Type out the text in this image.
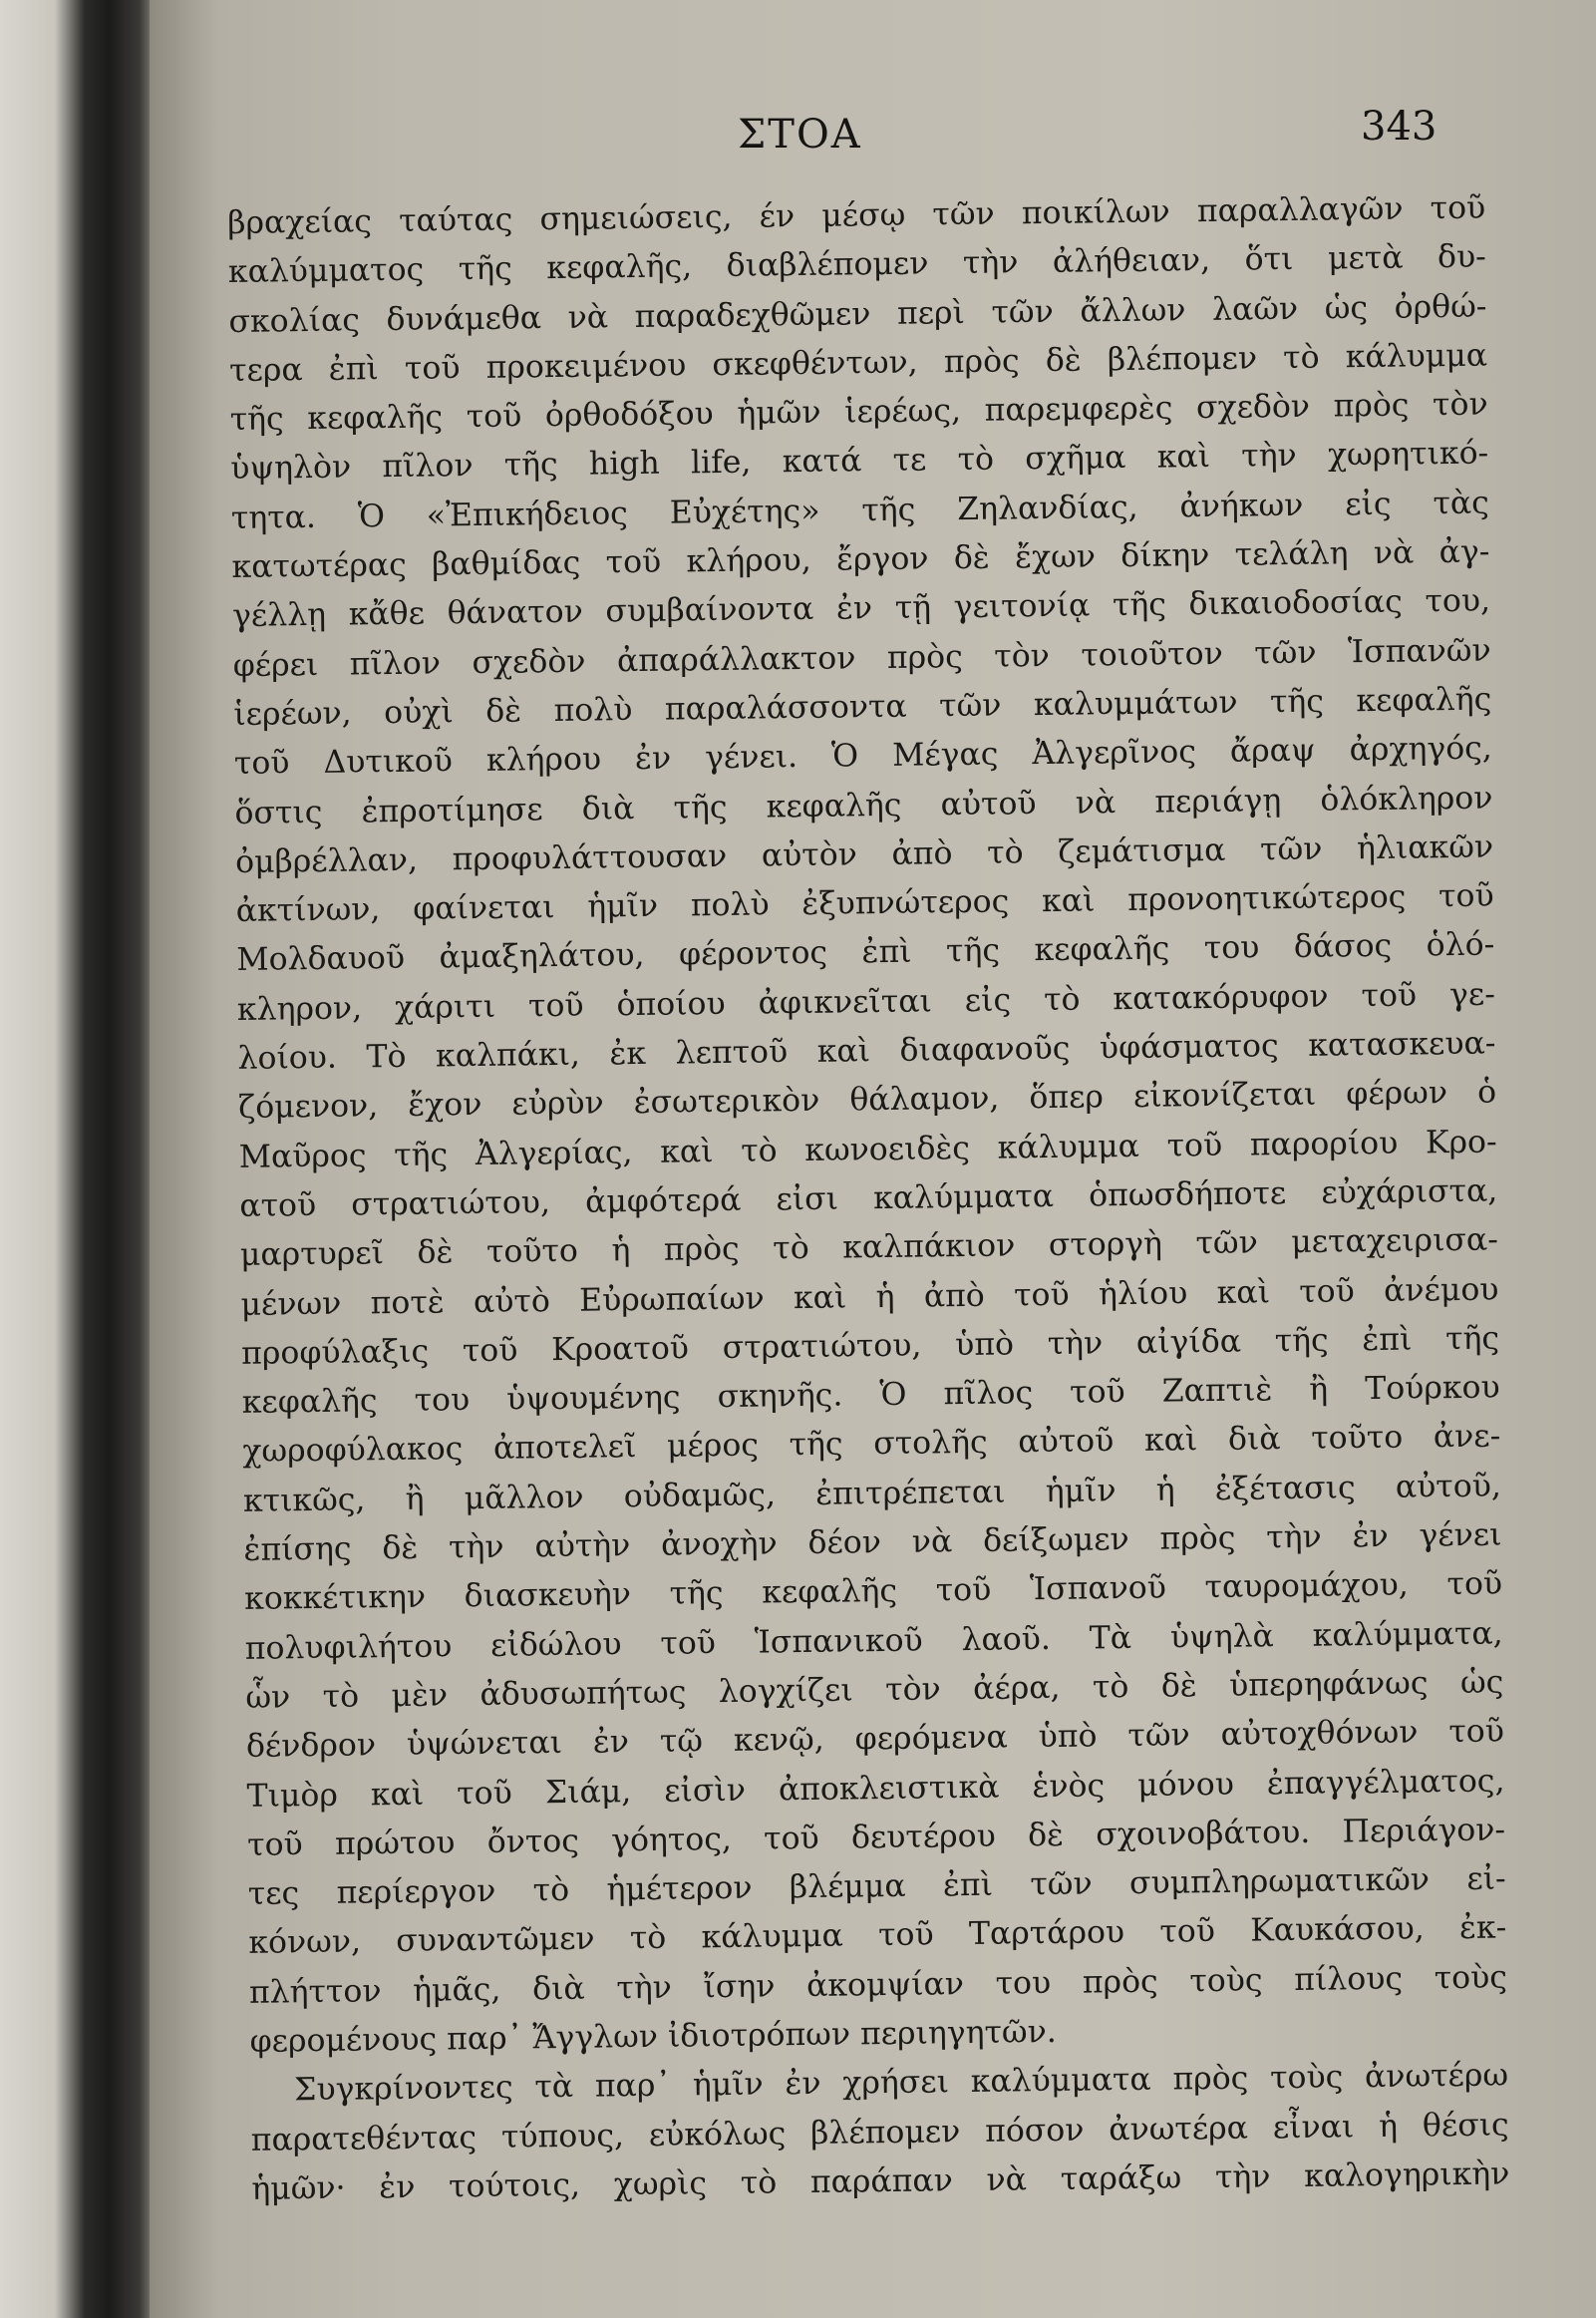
ΣΤΟΑ	343
βραχείας ταύτας σημειώσεις, έν μέσῳ τῶν ποικίλων παραλλαγῶν τοῦ
καλύμματος τῆς κεφαλῆς, διαβλέπομεν τὴν ἀλήθειαν, ὅτι μετὰ δυ-
σκολίας δυνάμεθα νὰ παραδεχθῶμεν περὶ τῶν ἄλλων λαῶν ὡς ὀρθώ-
τερα ἐπὶ τοῦ προκειμένου σκεφθέντων, πρὸς δὲ βλέπομεν τὸ κάλυμμα
τῆς κεφαλῆς τοῦ ὀρθοδόξου ἡμῶν ἱερέως, παρεμφερὲς σχεδὸν πρὸς τὸν
ὑψηλὸν πῖλον τῆς high life, κατά τε τὸ σχῆμα καὶ τὴν χωρητικό-
τητα. Ὁ «Ἐπικήδειος Εὐχέτης» τῆς Ζηλανδίας, ἀνήκων εἰς τὰς
κατωτέρας βαθμίδας τοῦ κλήρου, ἔργον δὲ ἔχων δίκην τελάλη νὰ ἀγ-
γέλλῃ κἄθε θάνατον συμβαίνοντα ἐν τῇ γειτονίᾳ τῆς δικαιοδοσίας του,
φέρει πῖλον σχεδὸν ἀπαράλλακτον πρὸς τὸν τοιοῦτον τῶν Ἱσπανῶν
ἱερέων, οὐχὶ δὲ πολὺ παραλάσσοντα τῶν καλυμμάτων τῆς κεφαλῆς
τοῦ Δυτικοῦ κλήρου ἐν γένει. Ὁ Μέγας Ἀλγερῖνος ἄραψ ἀρχηγός,
ὅστις ἐπροτίμησε διὰ τῆς κεφαλῆς αὐτοῦ νὰ περιάγῃ ὁλόκληρον
ὀμβρέλλαν, προφυλάττουσαν αὐτὸν ἀπὸ τὸ ζεμάτισμα τῶν ἡλιακῶν
ἀκτίνων, φαίνεται ἡμῖν πολὺ ἐξυπνώτερος καὶ προνοητικώτερος τοῦ
Μολδαυοῦ ἀμαξηλάτου, φέροντος ἐπὶ τῆς κεφαλῆς του δάσος ὁλό-
κληρον, χάριτι τοῦ ὁποίου ἀφικνεῖται εἰς τὸ κατακόρυφον τοῦ γε-
λοίου. Τὸ καλπάκι, ἐκ λεπτοῦ καὶ διαφανοῦς ὑφάσματος κατασκευα-
ζόμενον, ἔχον εὐρὺν ἐσωτερικὸν θάλαμον, ὅπερ εἰκονίζεται φέρων ὁ
Μαῦρος τῆς Ἀλγερίας, καὶ τὸ κωνοειδὲς κάλυμμα τοῦ παρορίου Κρο-
ατοῦ στρατιώτου, ἀμφότερά εἰσι καλύμματα ὁπωσδήποτε εὐχάριστα,
μαρτυρεῖ δὲ τοῦτο ἡ πρὸς τὸ καλπάκιον στοργὴ τῶν μεταχειρισα-
μένων ποτὲ αὐτὸ Εὐρωπαίων καὶ ἡ ἀπὸ τοῦ ἡλίου καὶ τοῦ ἀνέμου
προφύλαξις τοῦ Κροατοῦ στρατιώτου, ὑπὸ τὴν αἰγίδα τῆς ἐπὶ τῆς
κεφαλῆς του ὑψουμένης σκηνῆς. Ὁ πῖλος τοῦ Ζαπτιὲ ἢ Τούρκου
χωροφύλακος ἀποτελεῖ μέρος τῆς στολῆς αὐτοῦ καὶ διὰ τοῦτο ἀνε-
κτικῶς, ἢ μᾶλλον οὐδαμῶς, ἐπιτρέπεται ἡμῖν ἡ ἐξέτασις αὐτοῦ,
ἐπίσης δὲ τὴν αὐτὴν ἀνοχὴν δέον νὰ δείξωμεν πρὸς τὴν ἐν γένει
κοκκέτικην διασκευὴν τῆς κεφαλῆς τοῦ Ἱσπανοῦ ταυρομάχου, τοῦ
πολυφιλήτου εἰδώλου τοῦ Ἱσπανικοῦ λαοῦ. Τὰ ὑψηλὰ καλύμματα,
ὧν τὸ μὲν ἀδυσωπήτως λογχίζει τὸν ἀέρα, τὸ δὲ ὑπερηφάνως ὡς
δένδρον ὑψώνεται ἐν τῷ κενῷ, φερόμενα ὑπὸ τῶν αὐτοχθόνων τοῦ
Τιμὸρ καὶ τοῦ Σιάμ, εἰσὶν ἀποκλειστικὰ ἑνὸς μόνου ἐπαγγέλματος,
τοῦ πρώτου ὄντος γόητος, τοῦ δευτέρου δὲ σχοινοβάτου. Περιάγον-
τες περίεργον τὸ ἡμέτερον βλέμμα ἐπὶ τῶν συμπληρωματικῶν εἰ-
κόνων, συναντῶμεν τὸ κάλυμμα τοῦ Ταρτάρου τοῦ Καυκάσου, ἐκ-
πλήττον ἡμᾶς, διὰ τὴν ἴσην ἀκομψίαν του πρὸς τοὺς πίλους τοὺς
φερομένους παρ᾽ Ἄγγλων ἰδιοτρόπων περιηγητῶν.
Συγκρίνοντες τὰ παρ᾽ ἡμῖν ἐν χρήσει καλύμματα πρὸς τοὺς ἀνωτέρω
παρατεθέντας τύπους, εὐκόλως βλέπομεν πόσον ἀνωτέρα εἶναι ἡ θέσις
ἡμῶν· ἐν τούτοις, χωρὶς τὸ παράπαν νὰ ταράξω τὴν καλογηρικὴν
